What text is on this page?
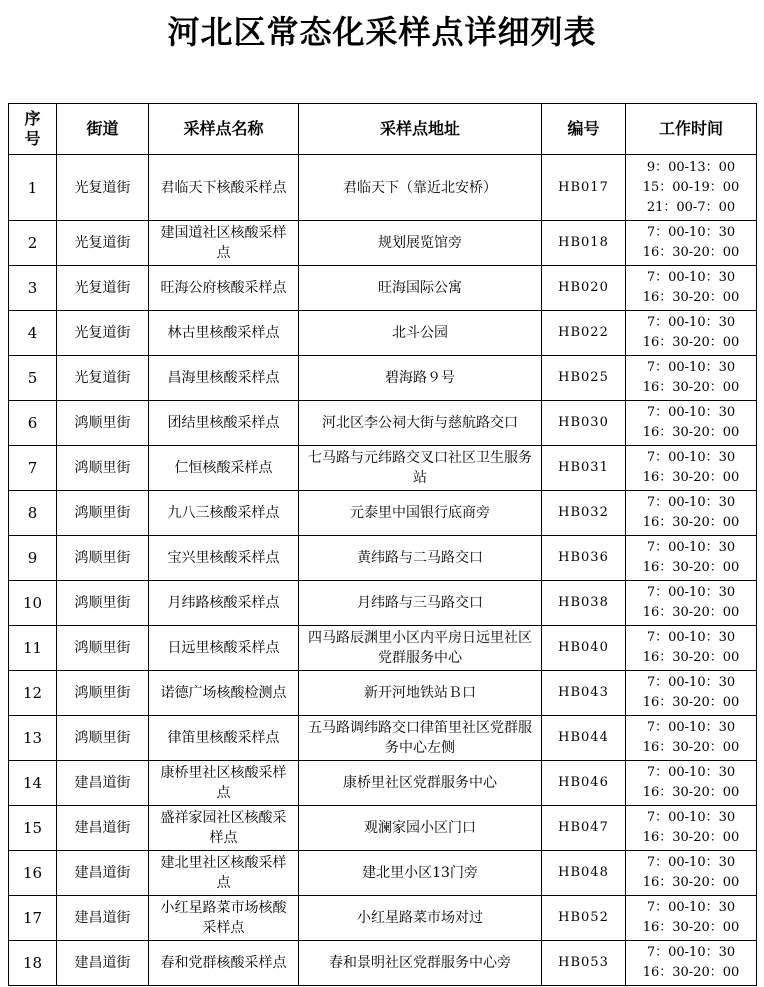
河北区常态化采样点详细列表
序号	街道	采样点名称	采样点地址	编号	工作时间
1	光复道街	君临天下核酸采样点	君临天下（靠近北安桥）	HB017	9：00-13：00
15：00-19：00
21：00-7：00

2	光复道街	建国道社区核酸采样点	规划展览馆旁	HB018	7：00-10：30
16：30-20：00

3	光复道街	旺海公府核酸采样点	旺海国际公寓	HB020	7：00-10：30
16：30-20：00

4	光复道街	林古里核酸采样点	北斗公园	HB022	7：00-10：30
16：30-20：00

5	光复道街	昌海里核酸采样点	碧海路９号	HB025	7：00-10：30
16：30-20：00

6	鸿顺里街	团结里核酸采样点	河北区李公祠大街与慈航路交口	HB030	7：00-10：30
16：30-20：00

7	鸿顺里街	仁恒核酸采样点	七马路与元纬路交叉口社区卫生服务站	HB031	7：00-10：30
16：30-20：00

8	鸿顺里街	九八三核酸采样点	元泰里中国银行底商旁	HB032	7：00-10：30
16：30-20：00

9	鸿顺里街	宝兴里核酸采样点	黄纬路与二马路交口	HB036	7：00-10：30
16：30-20：00

10	鸿顺里街	月纬路核酸采样点	月纬路与三马路交口	HB038	7：00-10：30
16：30-20：00

11	鸿顺里街	日远里核酸采样点	四马路辰渊里小区内平房日远里社区党群服务中心	HB040	7：00-10：30
16：30-20：00

12	鸿顺里街	诺德广场核酸检测点	新开河地铁站Ｂ口	HB043	7：00-10：30
16：30-20：00

13	鸿顺里街	律笛里核酸采样点	五马路调纬路交口律笛里社区党群服务中心左侧	HB044	7：00-10：30
16：30-20：00

14	建昌道街	康桥里社区核酸采样点	康桥里社区党群服务中心	HB046	7：00-10：30
16：30-20：00

15	建昌道街	盛祥家园社区核酸采样点	观澜家园小区门口	HB047	7：00-10：30
16：30-20：00

16	建昌道街	建北里社区核酸采样点	建北里小区13门旁	HB048	7：00-10：30
16：30-20：00

17	建昌道街	小红星路菜市场核酸采样点	小红星路菜市场对过	HB052	7：00-10：30
16：30-20：00

18	建昌道街	春和党群核酸采样点	春和景明社区党群服务中心旁	HB053	7：00-10：30
16：30-20：00
